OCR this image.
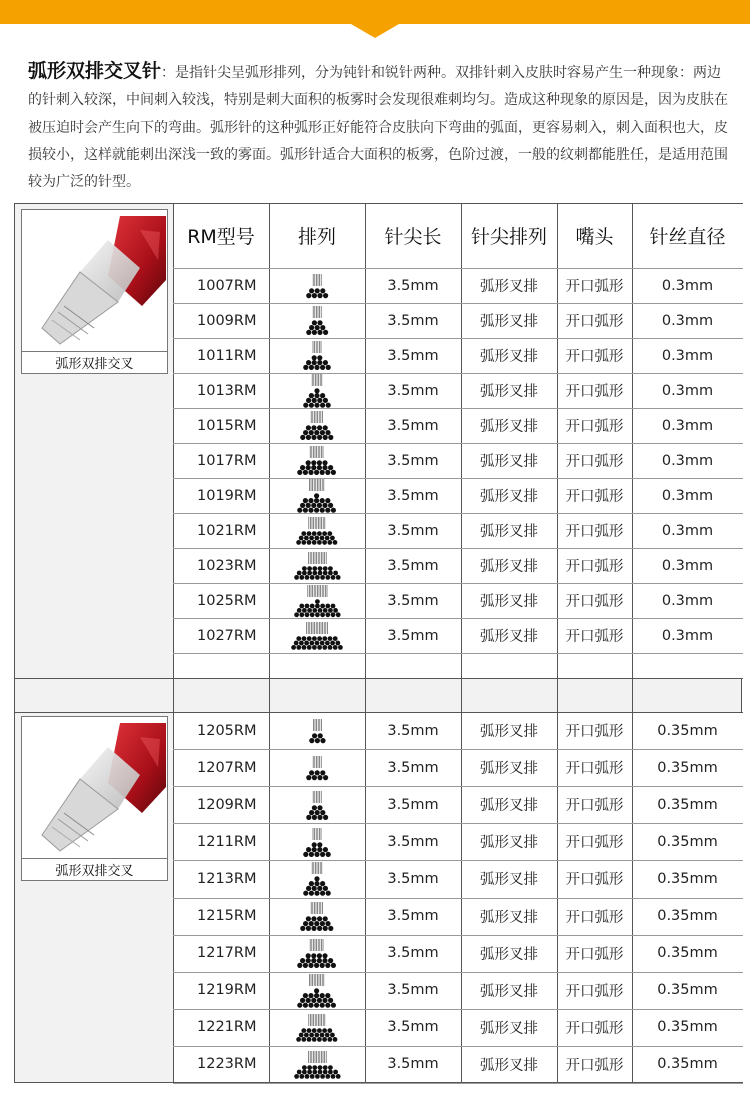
弧形双排交叉针：是指针尖呈弧形排列，分为钝针和锐针两种。双排针刺入皮肤时容易产生一种现象：两边的针刺入较深，中间刺入较浅，特别是刺大面积的板雾时会发现很难刺均匀。造成这种现象的原因是，因为皮肤在被压迫时会产生向下的弯曲。弧形针的这种弧形正好能符合皮肤向下弯曲的弧面，更容易刺入，刺入面积也大，皮损较小，这样就能刺出深浅一致的雾面。弧形针适合大面积的板雾，色阶过渡，一般的纹刺都能胜任，是适用范围较为广泛的针型。

RM型号	排列	针尖长	针尖排列	嘴头	针丝直径
弧形双排交叉
弧形双排交叉
1007RM	3.5mm	弧形叉排	开口弧形	0.3mm
1009RM	3.5mm	弧形叉排	开口弧形	0.3mm
1011RM	3.5mm	弧形叉排	开口弧形	0.3mm
1013RM	3.5mm	弧形叉排	开口弧形	0.3mm
1015RM	3.5mm	弧形叉排	开口弧形	0.3mm
1017RM	3.5mm	弧形叉排	开口弧形	0.3mm
1019RM	3.5mm	弧形叉排	开口弧形	0.3mm
1021RM	3.5mm	弧形叉排	开口弧形	0.3mm
1023RM	3.5mm	弧形叉排	开口弧形	0.3mm
1025RM	3.5mm	弧形叉排	开口弧形	0.3mm
1027RM	3.5mm	弧形叉排	开口弧形	0.3mm
1205RM	3.5mm	弧形叉排	开口弧形	0.35mm
1207RM	3.5mm	弧形叉排	开口弧形	0.35mm
1209RM	3.5mm	弧形叉排	开口弧形	0.35mm
1211RM	3.5mm	弧形叉排	开口弧形	0.35mm
1213RM	3.5mm	弧形叉排	开口弧形	0.35mm
1215RM	3.5mm	弧形叉排	开口弧形	0.35mm
1217RM	3.5mm	弧形叉排	开口弧形	0.35mm
1219RM	3.5mm	弧形叉排	开口弧形	0.35mm
1221RM	3.5mm	弧形叉排	开口弧形	0.35mm
1223RM	3.5mm	弧形叉排	开口弧形	0.35mm
